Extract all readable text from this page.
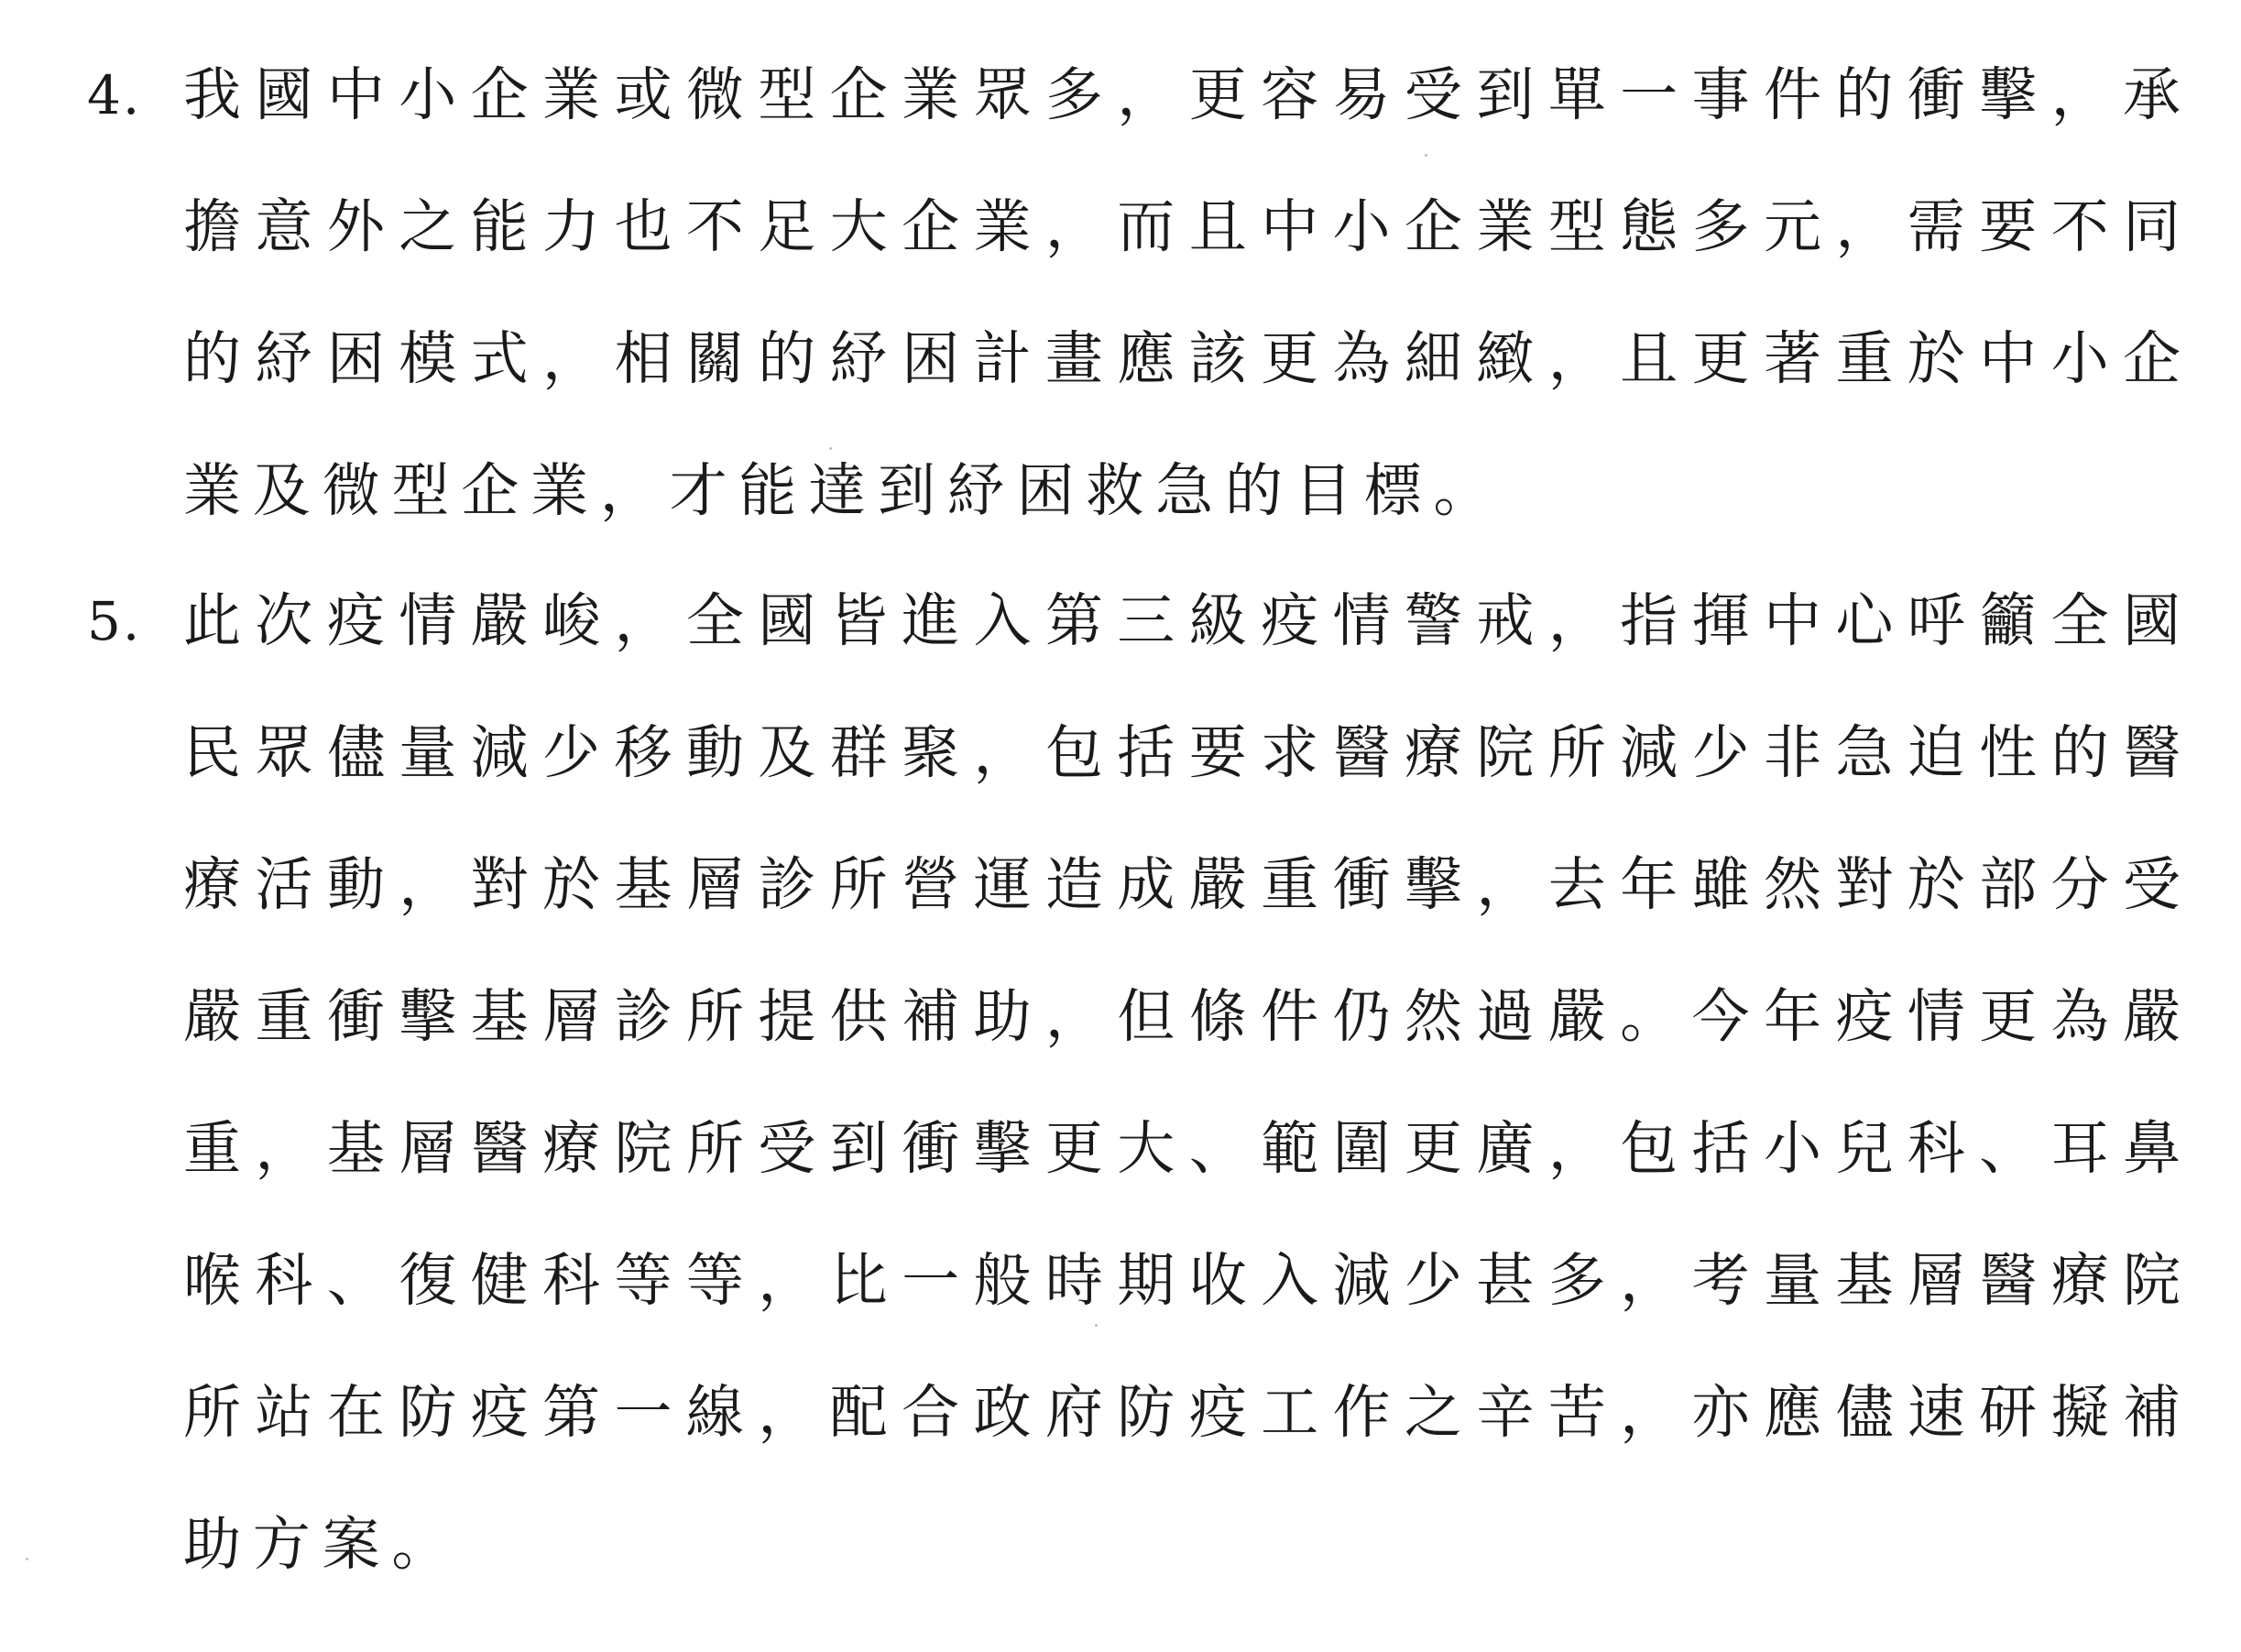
4. 我國中小企業或微型企業眾多，更容易受到單一事件的衝擊，承
擔意外之能力也不足大企業，而且中小企業型態多元，需要不同
的紓困模式，相關的紓困計畫應該更為細緻，且更著重於中小企
業及微型企業，才能達到紓困救急的目標。
5. 此次疫情嚴峻，全國皆進入第三級疫情警戒，指揮中心呼籲全國
民眾儘量減少移動及群聚，包括要求醫療院所減少非急迫性的醫
療活動，對於基層診所營運造成嚴重衝擊，去年雖然對於部分受
嚴重衝擊基層診所提供補助，但條件仍然過嚴。今年疫情更為嚴
重，基層醫療院所受到衝擊更大、範圍更廣，包括小兒科、耳鼻
喉科、復健科等等，比一般時期收入減少甚多，考量基層醫療院
所站在防疫第一線，配合政府防疫工作之辛苦，亦應儘速研擬補
助方案。
